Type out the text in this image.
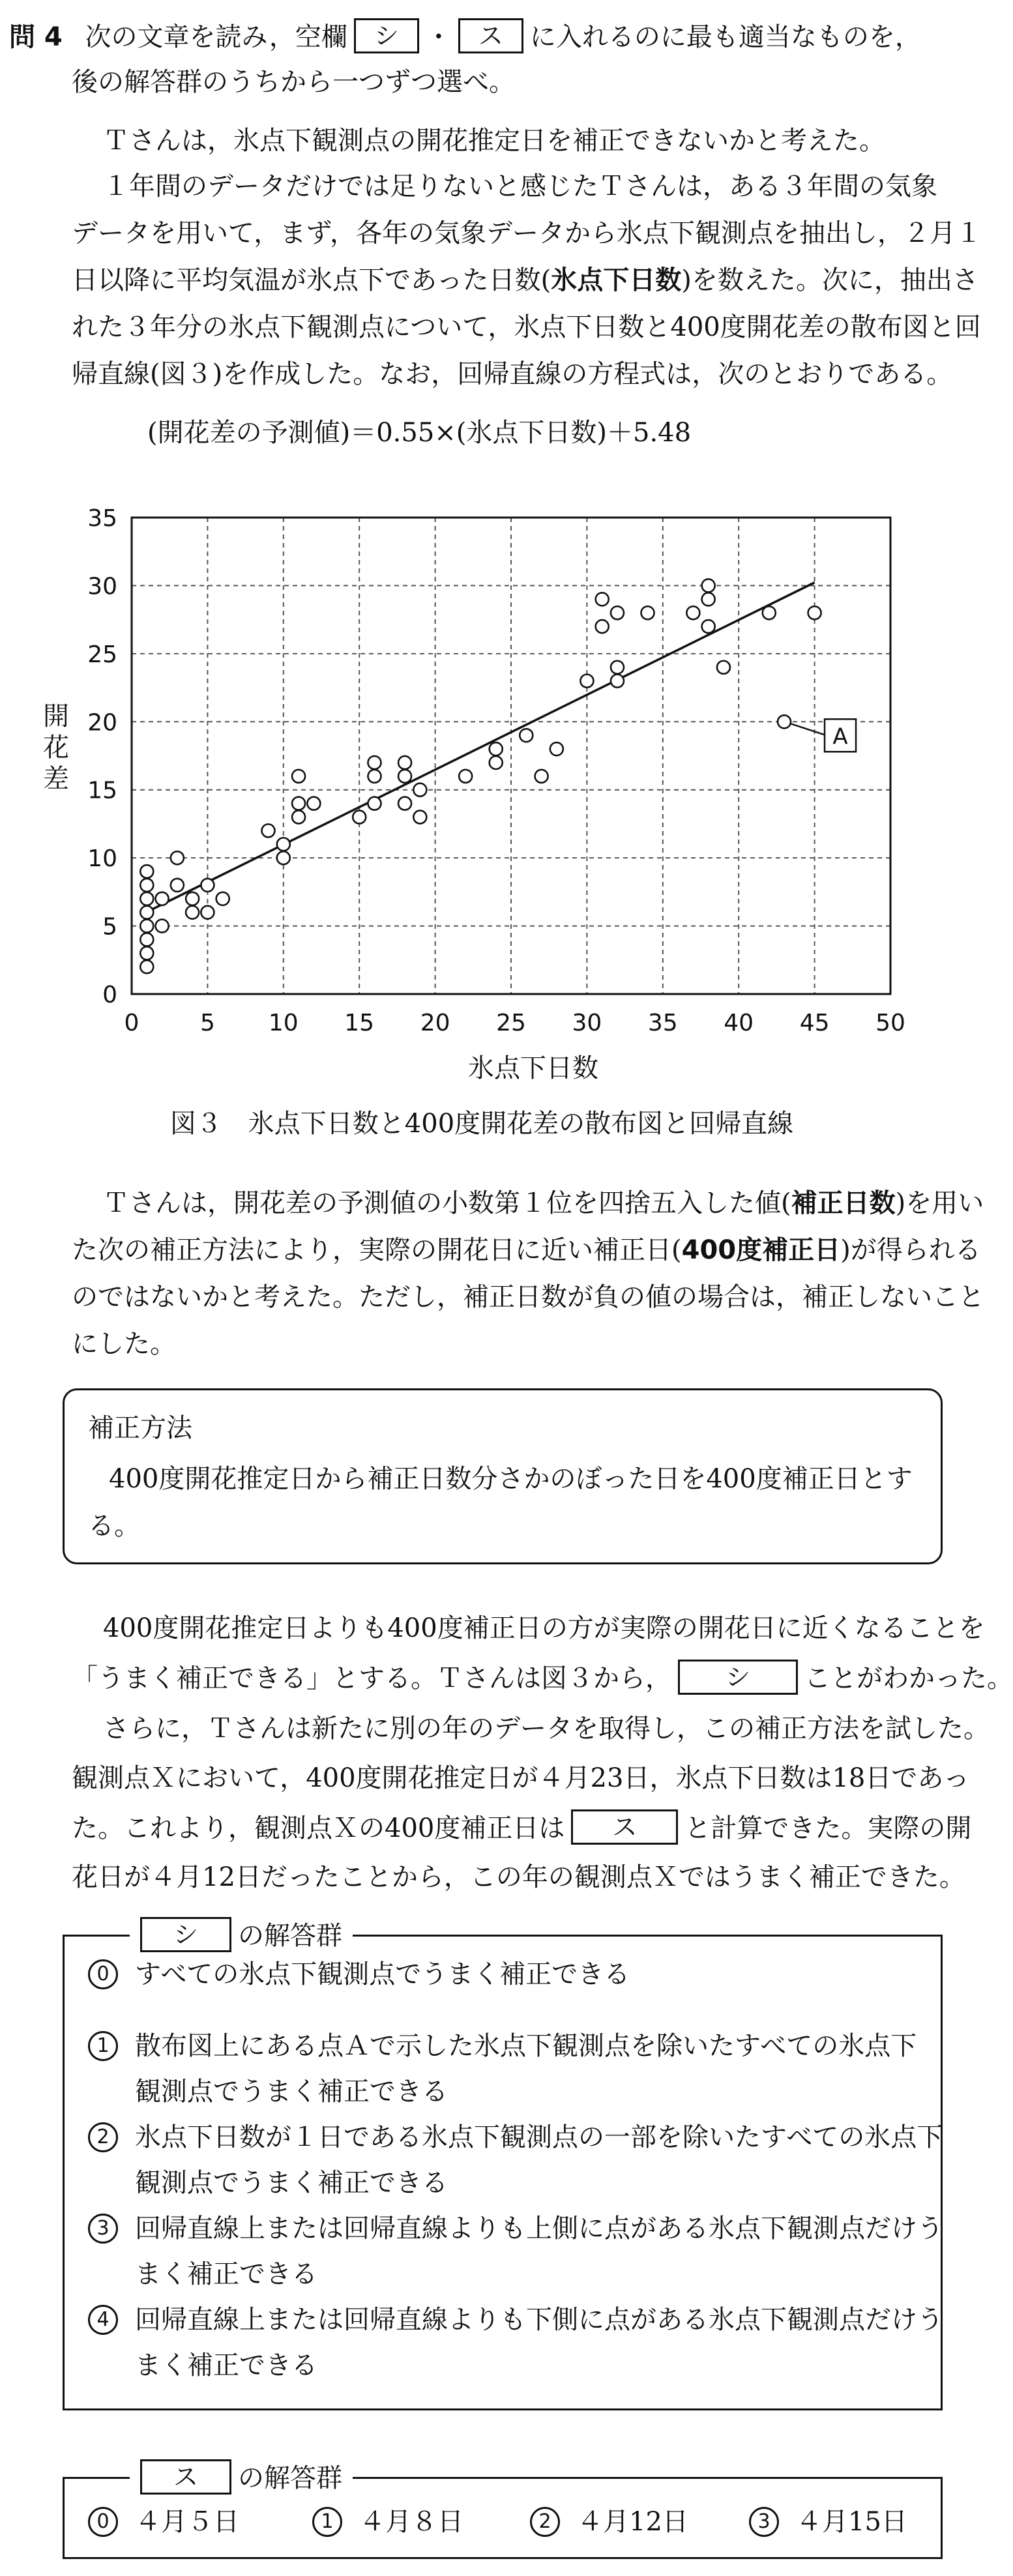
問 4 次の文章を読み，空欄 シ ・ ス に入れるのに最も適当なものを，
後の解答群のうちから一つずつ選べ。
Ｔさんは，氷点下観測点の開花推定日を補正できないかと考えた。
１年間のデータだけでは足りないと感じたＴさんは，ある３年間の気象
データを用いて，まず，各年の気象データから氷点下観測点を抽出し，２月１
日以降に平均気温が氷点下であった日数(氷点下日数)を数えた。次に，抽出さ
れた３年分の氷点下観測点について，氷点下日数と400度開花差の散布図と回
帰直線(図３)を作成した。なお，回帰直線の方程式は，次のとおりである。
(開花差の予測値)＝0.55×(氷点下日数)＋5.48
0	5 10 15 20 25 30 35 40 45 50
0
5
10
15
20
25
30
35
A
氷点下日数
開花差
図３　氷点下日数と400度開花差の散布図と回帰直線
Ｔさんは，開花差の予測値の小数第１位を四捨五入した値(補正日数)を用い
た次の補正方法により，実際の開花日に近い補正日(400度補正日)が得られる
のではないかと考えた。ただし，補正日数が負の値の場合は，補正しないこと
にした。
補正方法
400度開花推定日から補正日数分さかのぼった日を400度補正日とす
る。
400度開花推定日よりも400度補正日の方が実際の開花日に近くなることを
「うまく補正できる」とする。Ｔさんは図３から， シ ことがわかった。
さらに，Ｔさんは新たに別の年のデータを取得し，この補正方法を試した。
観測点Ｘにおいて，400度開花推定日が４月23日，氷点下日数は18日であっ
た。これより，観測点Ｘの400度補正日は ス と計算できた。実際の開
花日が４月12日だったことから，この年の観測点Ｘではうまく補正できた。
シ の解答群
0 すべての氷点下観測点でうまく補正できる
1 散布図上にある点Ａで示した氷点下観測点を除いたすべての氷点下
観測点でうまく補正できる
2 氷点下日数が１日である氷点下観測点の一部を除いたすべての氷点下
観測点でうまく補正できる
3 回帰直線上または回帰直線よりも上側に点がある氷点下観測点だけう
まく補正できる
4 回帰直線上または回帰直線よりも下側に点がある氷点下観測点だけう
まく補正できる
ス の解答群
0 ４月５日	1 ４月８日	2 ４月12日	3 ４月15日
